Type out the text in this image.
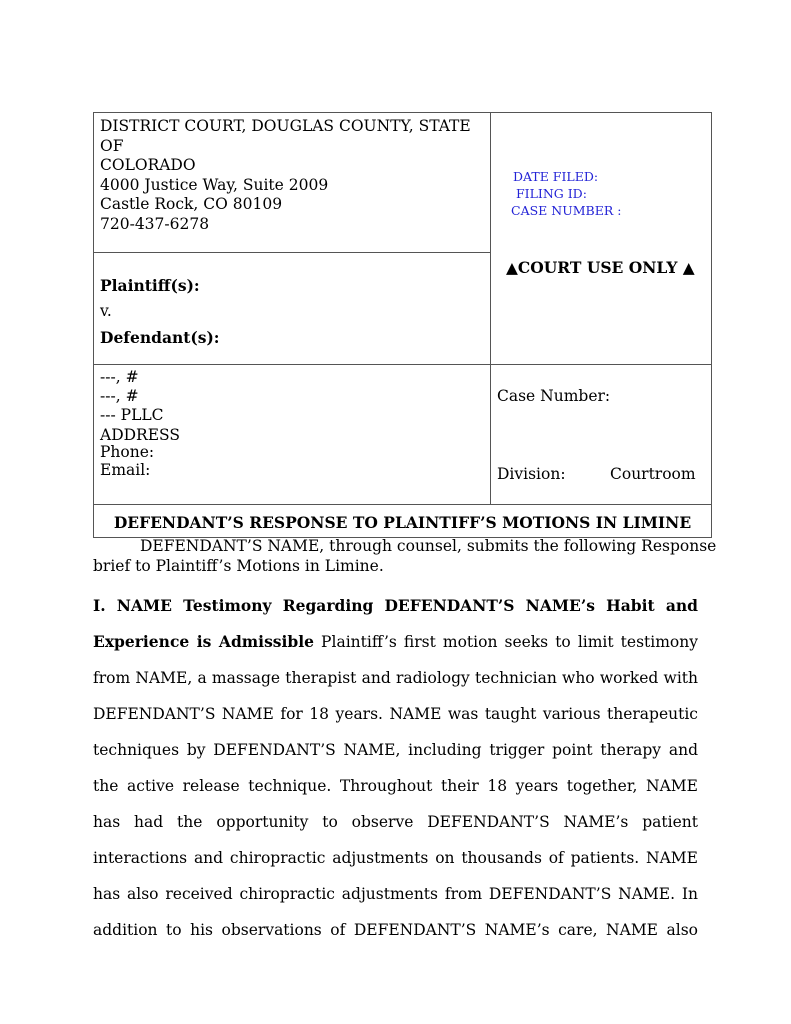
DISTRICT COURT, DOUGLAS COUNTY, STATE
OF
COLORADO
4000 Justice Way, Suite 2009
Castle Rock, CO 80109
720-437-6278
DATE FILED:
FILING ID:
CASE NUMBER :
▲COURT USE ONLY ▲
Plaintiff(s):
v.
Defendant(s):
---, #
---, #
--- PLLC
ADDRESS
Phone:
Email:
Case Number:
Division:	Courtroom
DEFENDANT’S RESPONSE TO PLAINTIFF’S MOTIONS IN LIMINE
DEFENDANT’S NAME, through counsel, submits the following Response
brief to Plaintiff’s Motions in Limine.
I. NAME Testimony Regarding DEFENDANT’S NAME’s Habit and
Experience is Admissible Plaintiff’s first motion seeks to limit testimony
from NAME, a massage therapist and radiology technician who worked with
DEFENDANT’S NAME for 18 years. NAME was taught various therapeutic
techniques by DEFENDANT’S NAME, including trigger point therapy and
the active release technique. Throughout their 18 years together, NAME
has had the opportunity to observe DEFENDANT’S NAME’s patient
interactions and chiropractic adjustments on thousands of patients. NAME
has also received chiropractic adjustments from DEFENDANT’S NAME. In
addition to his observations of DEFENDANT’S NAME’s care, NAME also
